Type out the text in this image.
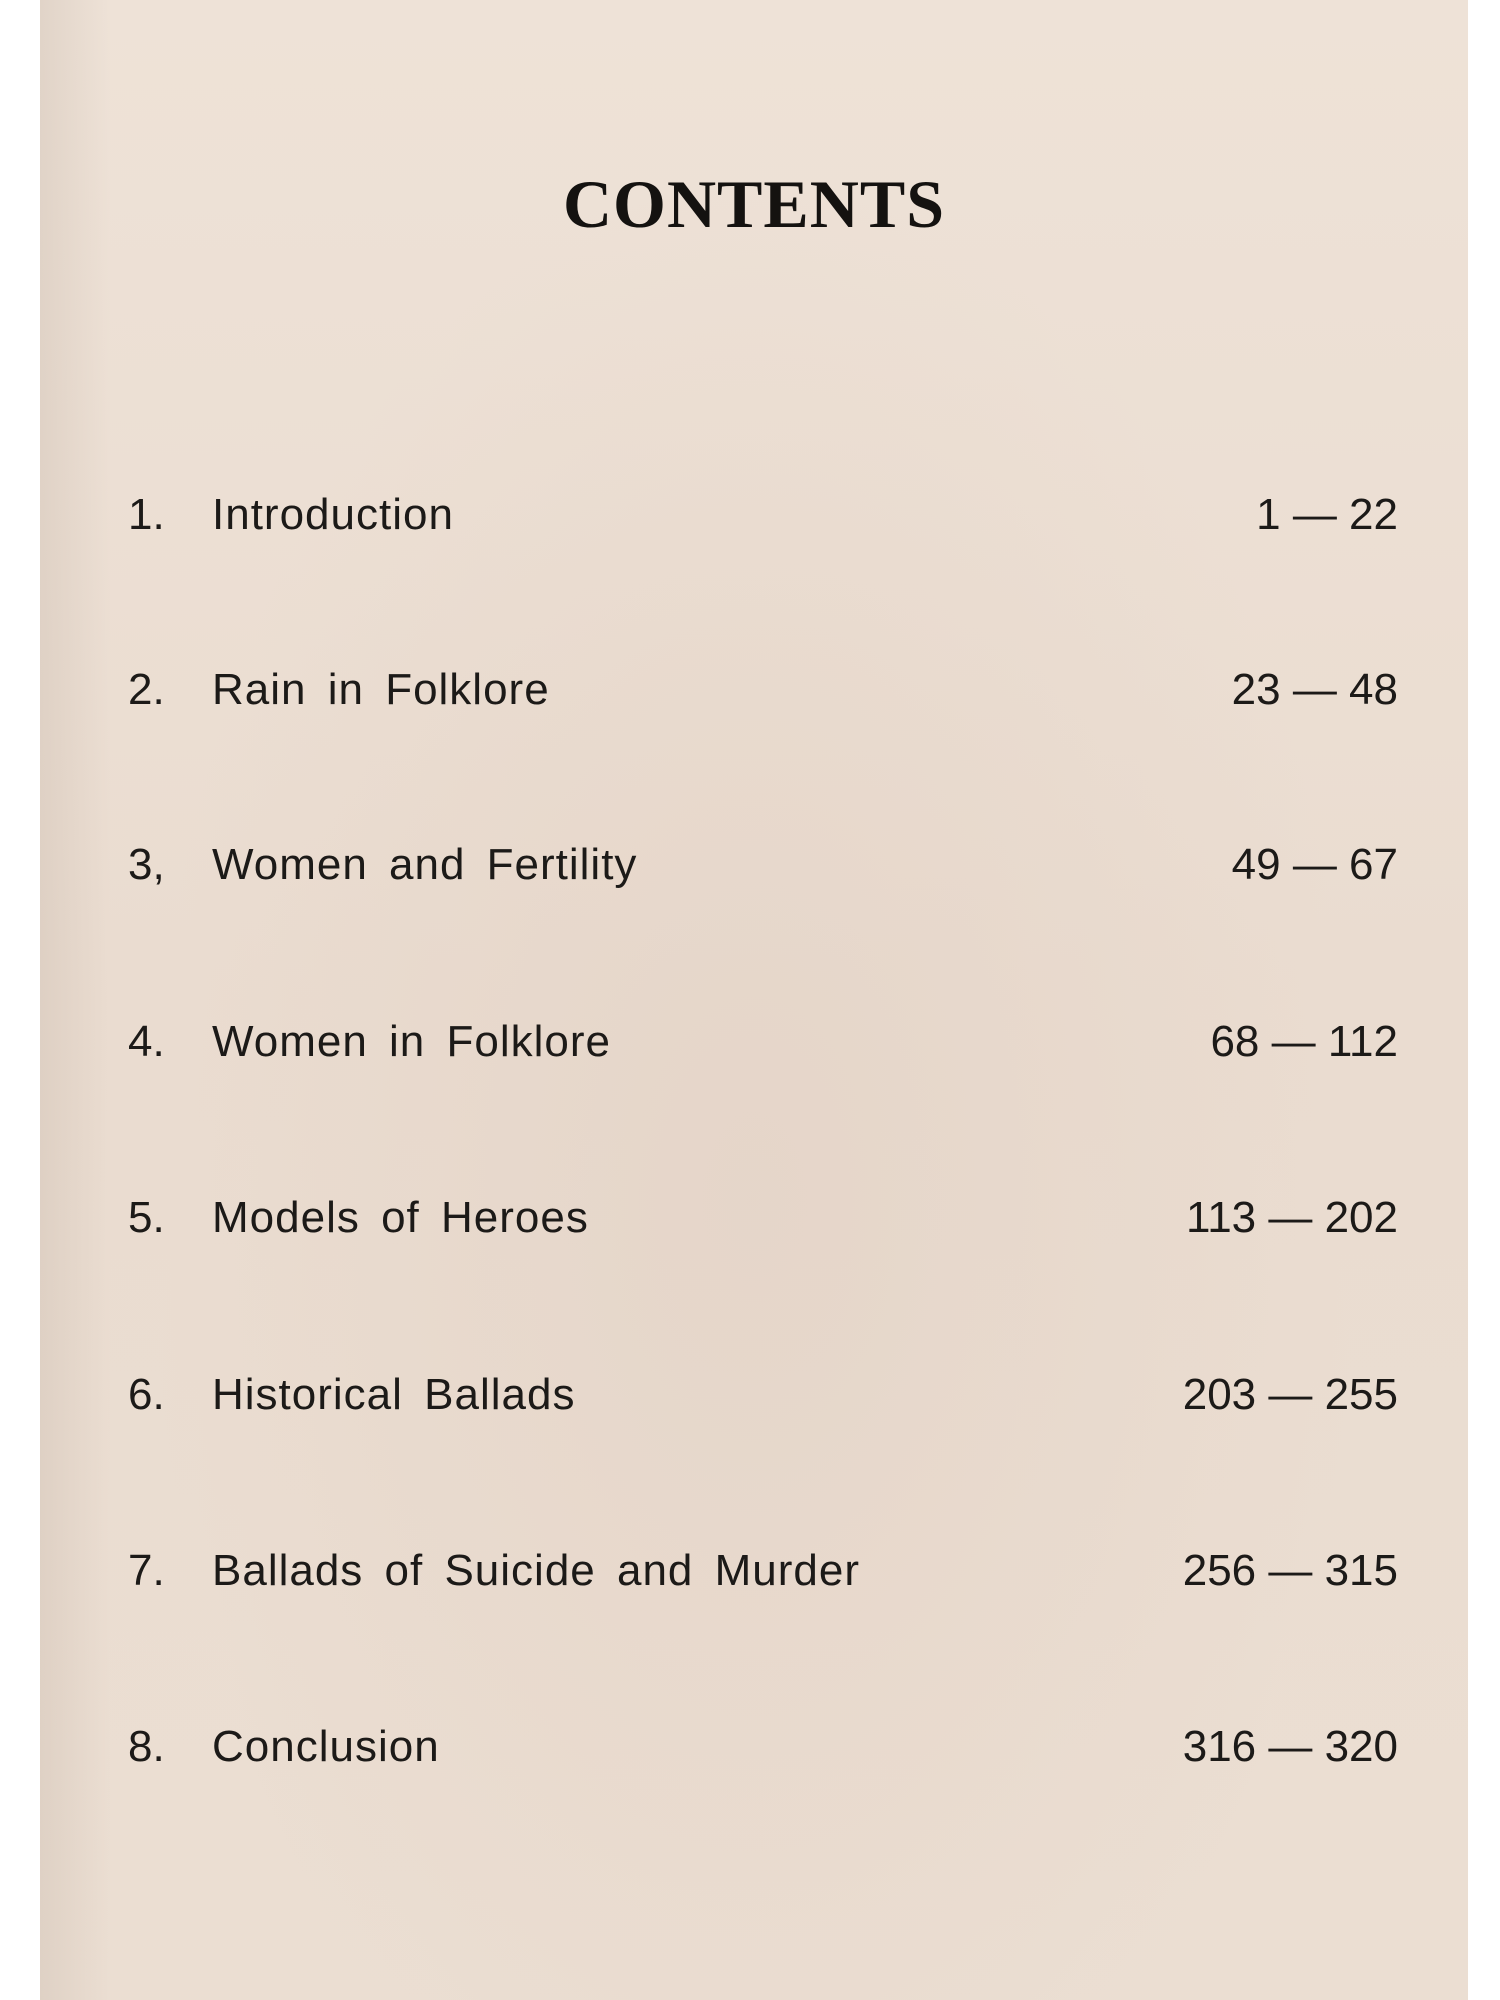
CONTENTS
1. Introduction	1 — 22
2. Rain in Folklore	23 — 48
3, Women and Fertility	49 — 67
4. Women in Folklore	68 — 112
5. Models of Heroes	113 — 202
6. Historical Ballads	203 — 255
7. Ballads of Suicide and Murder	256 — 315
8. Conclusion	316 — 320
